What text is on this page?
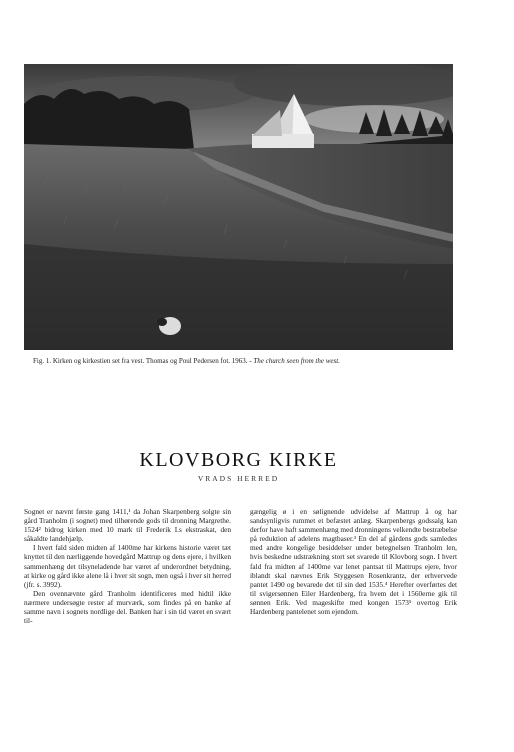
Fig. 1. Kirken og kirkestien set fra vest. Thomas og Poul Pedersen fot. 1963. - The church seen from the west.
KLOVBORG KIRKE
VRADS HERRED

Sognet er nævnt første gang 1411,¹ da Johan Skarpenberg solgte sin gård Tranholm (i sognet) med tilhørende gods til dronning Margrethe. 1524² bidrog kirken med 10 mark til Frederik I.s ekstraskat, den såkaldte landehjælp.

I hvert fald siden midten af 1400me har kirkens historie været tæt knyttet til den nærliggende hovedgård Mattrup og dens ejere, i hvilken sammenhæng det tilsyneladende har været af underordnet betydning, at kirke og gård ikke alene lå i hver sit sogn, men også i hver sit herred (jfr. s. 3992).

Den ovennævnte gård Tranholm identificeres med hidtil ikke nærmere undersøgte rester af murværk, som findes på en banke af samme navn i sognets nordlige del. Banken har i sin tid været en svært til-

gængelig ø i en sølignende udvidelse af Mattrup å og har sandsynligvis rummet et befæstet anlæg. Skarpenbergs godssalg kan derfor have haft sammenhæng med dronningens velkendte bestræbelse på reduktion af adelens magtbaser.³ En del af gårdens gods samledes med andre kongelige besiddelser under betegnelsen Tranholm len, hvis beskedne udstrækning stort set svarede til Klovborg sogn. I hvert fald fra midten af 1400me var lenet pantsat til Mattrups ejere, hvor iblandt skal nævnes Erik Styggesen Rosenkrantz, der erhvervede pantet 1490 og bevarede det til sin død 1535.⁴ Herefter overførtes det til svigersønnen Eiler Hardenberg, fra hvem det i 1560erne gik til sønnen Erik. Ved mageskifte med kongen 1573⁵ overtog Erik Hardenberg pantelenet som ejendom.
